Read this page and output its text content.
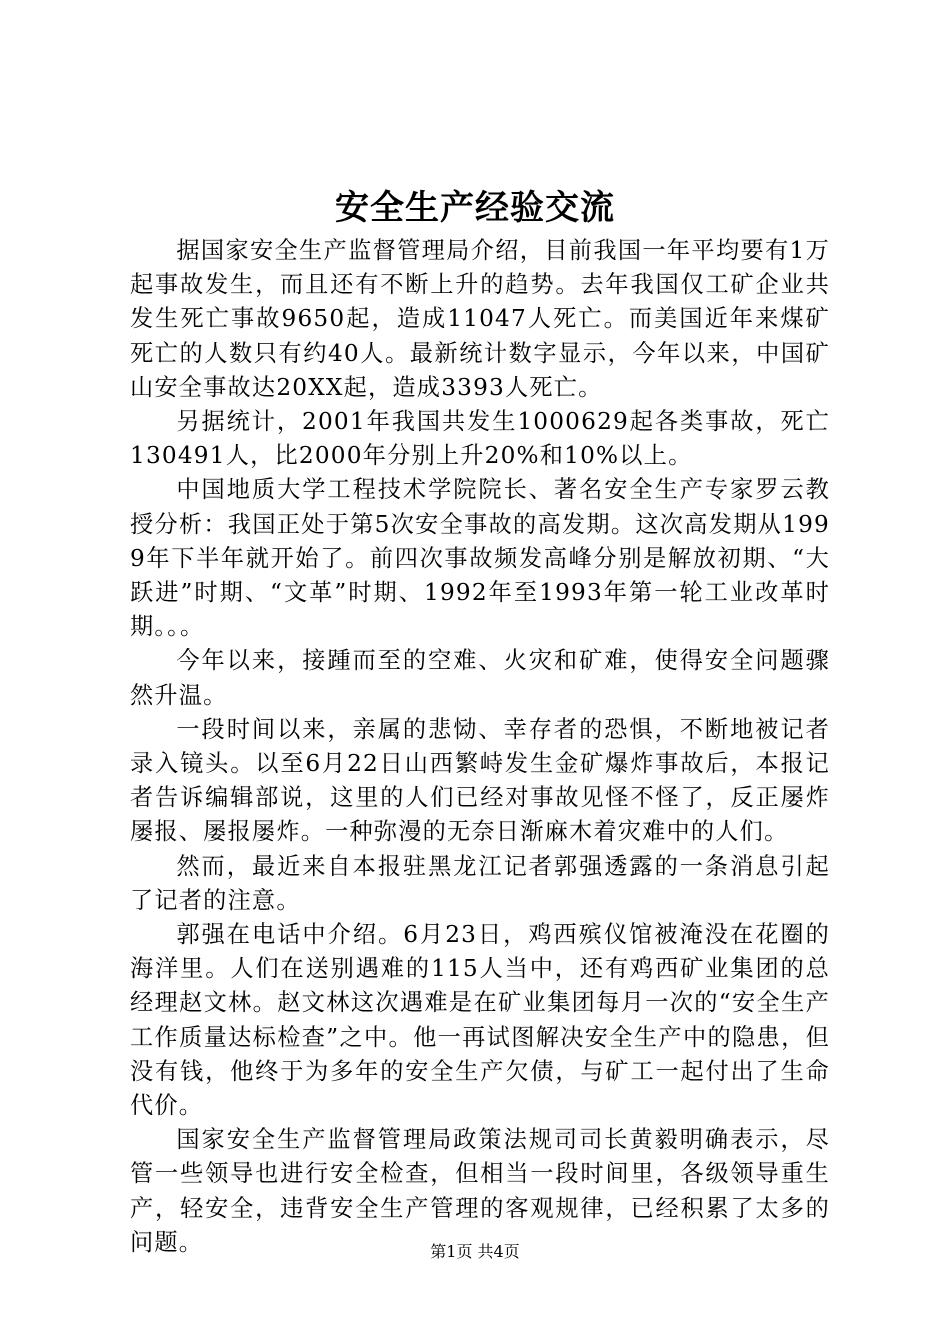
安全生产经验交流

据国家安全生产监督管理局介绍，目前我国一年平均要有1万起事故发生，而且还有不断上升的趋势。去年我国仅工矿企业共发生死亡事故9650起，造成11047人死亡。而美国近年来煤矿死亡的人数只有约40人。最新统计数字显示，今年以来，中国矿山安全事故达20XX起，造成3393人死亡。

另据统计，2001年我国共发生1000629起各类事故，死亡130491人，比2000年分别上升20%和10%以上。

中国地质大学工程技术学院院长、著名安全生产专家罗云教授分析：我国正处于第5次安全事故的高发期。这次高发期从1999年下半年就开始了。前四次事故频发高峰分别是解放初期、“大跃进”时期、“文革”时期、1992年至1993年第一轮工业改革时期。。。

今年以来，接踵而至的空难、火灾和矿难，使得安全问题骤然升温。

一段时间以来，亲属的悲恸、幸存者的恐惧，不断地被记者录入镜头。以至6月22日山西繁峙发生金矿爆炸事故后，本报记者告诉编辑部说，这里的人们已经对事故见怪不怪了，反正屡炸屡报、屡报屡炸。一种弥漫的无奈日渐麻木着灾难中的人们。

然而，最近来自本报驻黑龙江记者郭强透露的一条消息引起了记者的注意。

郭强在电话中介绍。6月23日，鸡西殡仪馆被淹没在花圈的海洋里。人们在送别遇难的115人当中，还有鸡西矿业集团的总经理赵文林。赵文林这次遇难是在矿业集团每月一次的“安全生产工作质量达标检查”之中。他一再试图解决安全生产中的隐患，但没有钱，他终于为多年的安全生产欠债，与矿工一起付出了生命代价。

国家安全生产监督管理局政策法规司司长黄毅明确表示，尽管一些领导也进行安全检查，但相当一段时间里，各级领导重生产，轻安全，违背安全生产管理的客观规律，已经积累了太多的问题。	第1页 共4页
